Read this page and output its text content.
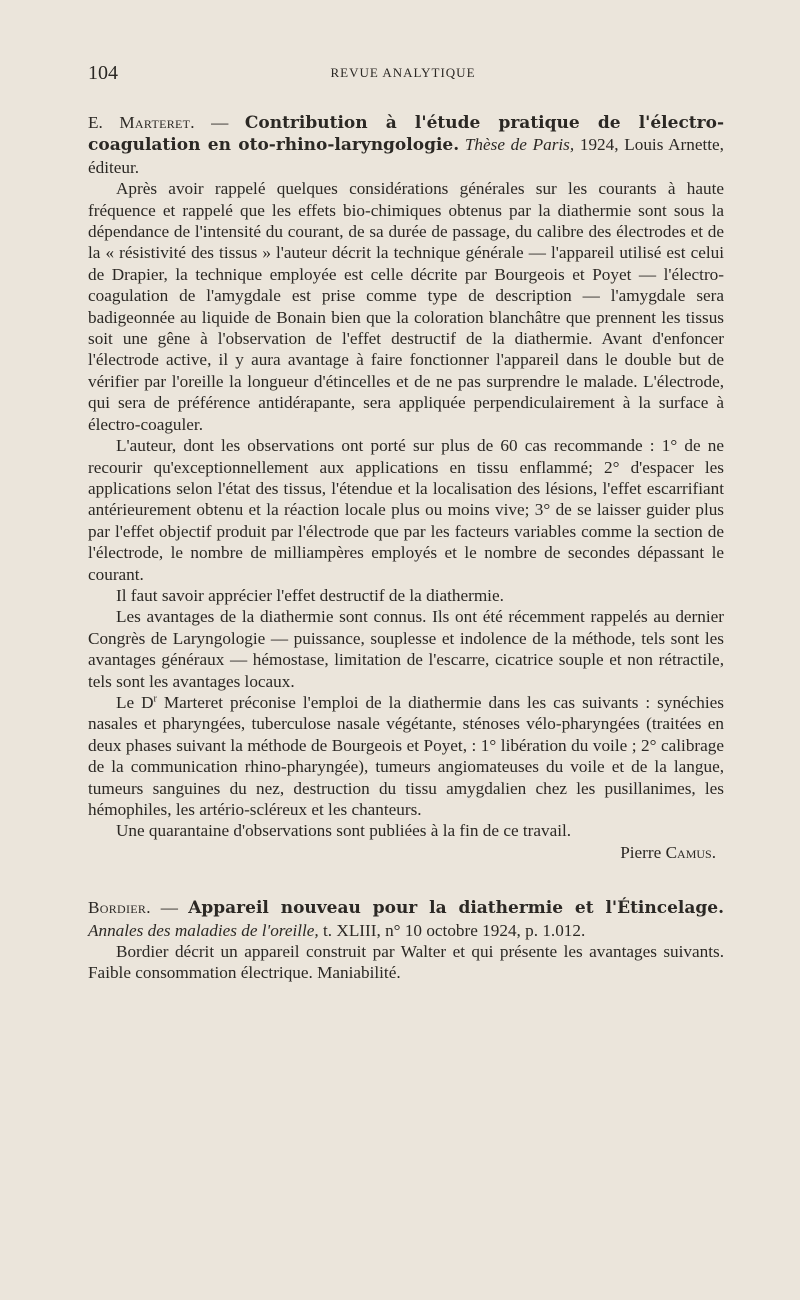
104	REVUE ANALYTIQUE

E. Marteret. — Contribution à l'étude pratique de l'électro-coagulation en oto-rhino-laryngologie. Thèse de Paris, 1924, Louis Arnette, éditeur.

Après avoir rappelé quelques considérations générales sur les courants à haute fréquence et rappelé que les effets bio-chimiques obtenus par la diathermie sont sous la dépendance de l'intensité du courant, de sa durée de passage, du calibre des électrodes et de la « résistivité des tissus » l'auteur décrit la technique générale — l'appareil utilisé est celui de Drapier, la technique employée est celle décrite par Bourgeois et Poyet — l'électro-coagulation de l'amygdale est prise comme type de description — l'amygdale sera badigeonnée au liquide de Bonain bien que la coloration blanchâtre que prennent les tissus soit une gêne à l'observation de l'effet destructif de la diathermie. Avant d'enfoncer l'électrode active, il y aura avantage à faire fonctionner l'appareil dans le double but de vérifier par l'oreille la longueur d'étincelles et de ne pas surprendre le malade. L'électrode, qui sera de préférence antidérapante, sera appliquée perpendiculairement à la surface à électro-coaguler.

L'auteur, dont les observations ont porté sur plus de 60 cas recommande : 1° de ne recourir qu'exceptionnellement aux applications en tissu enflammé; 2° d'espacer les applications selon l'état des tissus, l'étendue et la localisation des lésions, l'effet escarrifiant antérieurement obtenu et la réaction locale plus ou moins vive; 3° de se laisser guider plus par l'effet objectif produit par l'électrode que par les facteurs variables comme la section de l'électrode, le nombre de milliampères employés et le nombre de secondes dépassant le courant.

Il faut savoir apprécier l'effet destructif de la diathermie.

Les avantages de la diathermie sont connus. Ils ont été récemment rappelés au dernier Congrès de Laryngologie — puissance, souplesse et indolence de la méthode, tels sont les avantages généraux — hémostase, limitation de l'escarre, cicatrice souple et non rétractile, tels sont les avantages locaux.

Le $D^r$ Marteret préconise l'emploi de la diathermie dans les cas suivants : synéchies nasales et pharyngées, tuberculose nasale végétante, sténoses vélo-pharyngées (traitées en deux phases suivant la méthode de Bourgeois et Poyet, : 1° libération du voile ; 2° calibrage de la communication rhino-pharyngée), tumeurs angiomateuses du voile et de la langue, tumeurs sanguines du nez, destruction du tissu amygdalien chez les pusillanimes, les hémophiles, les artério-scléreux et les chanteurs.

Une quarantaine d'observations sont publiées à la fin de ce travail.

Pierre Camus.

Bordier. — Appareil nouveau pour la diathermie et l'Étincelage. Annales des maladies de l'oreille, t. XLIII, n° 10 octobre 1924, p. 1.012.

Bordier décrit un appareil construit par Walter et qui présente les avantages suivants. Faible consommation électrique. Maniabilité.
